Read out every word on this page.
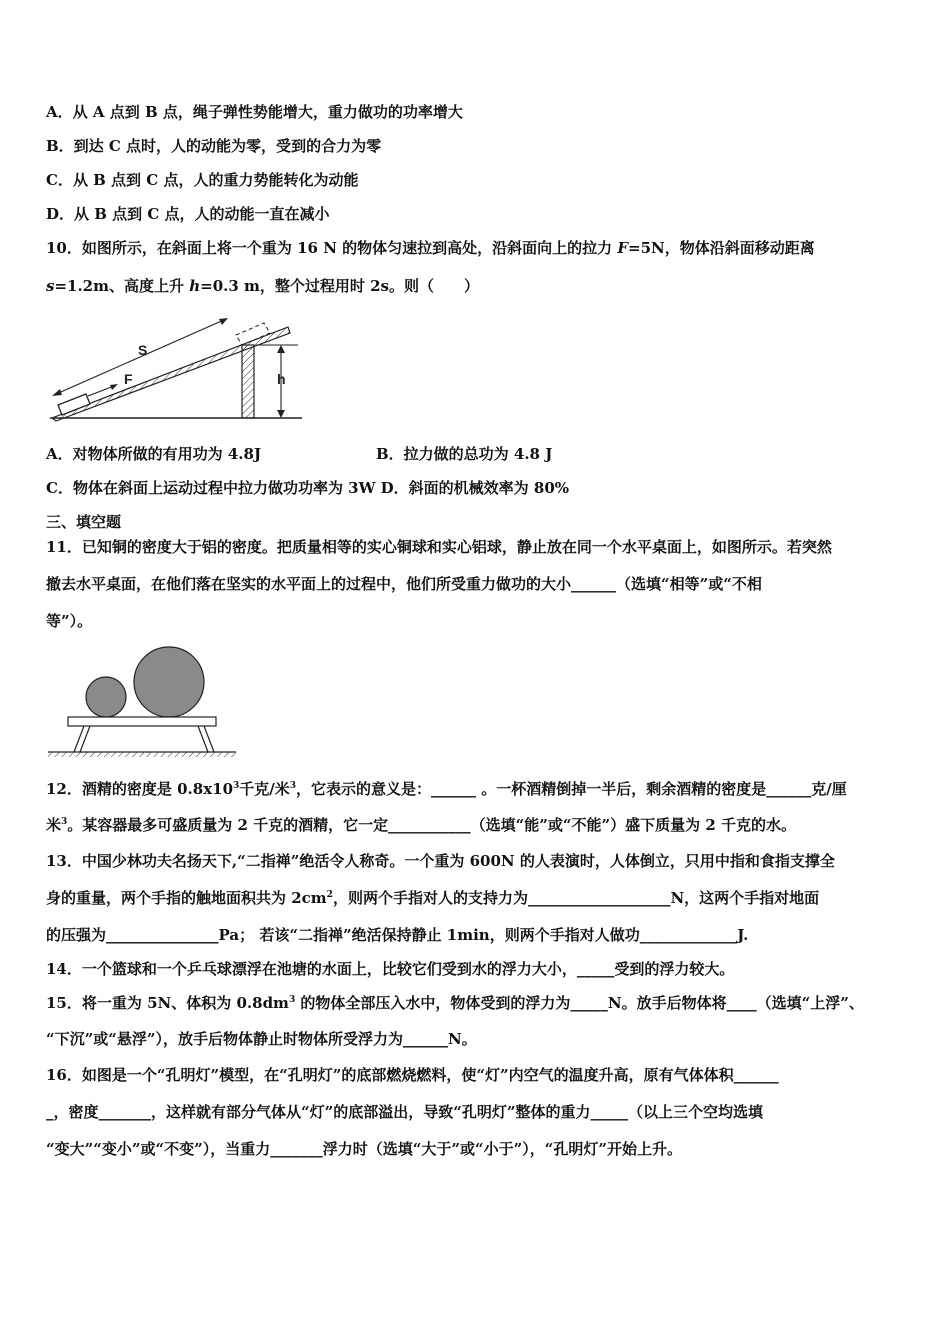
A．从 A 点到 B 点，绳子弹性势能增大，重力做功的功率增大
B．到达 C 点时，人的动能为零，受到的合力为零
C．从 B 点到 C 点，人的重力势能转化为动能
D．从 B 点到 C 点，人的动能一直在减小
10．如图所示，在斜面上将一个重为 16 N 的物体匀速拉到高处，沿斜面向上的拉力 F=5N，物体沿斜面移动距离
s=1.2m、高度上升 h=0.3 m，整个过程用时 2s。则（　　）
F
S
h
A．对物体所做的有用功为 4.8J	B．拉力做的总功为 4.8 J
C．物体在斜面上运动过程中拉力做功功率为 3W D．斜面的机械效率为 80%
三、填空题
11．已知铜的密度大于铝的密度。把质量相等的实心铜球和实心铝球，静止放在同一个水平桌面上，如图所示。若突然
撤去水平桌面，在他们落在坚实的水平面上的过程中，他们所受重力做功的大小______（选填“相等”或“不相
等”）。
12．酒精的密度是 $0.8x10^3$千克/米$^3$，它表示的意义是：______ 。一杯酒精倒掉一半后，剩余酒精的密度是______克/厘
米$^3$。某容器最多可盛质量为 2 千克的酒精，它一定___________（选填“能”或“不能”）盛下质量为 2 千克的水。
13．中国少林功夫名扬天下,“二指禅”绝活令人称奇。一个重为 600N 的人表演时，人体倒立，只用中指和食指支撑全
身的重量，两个手指的触地面积共为 $2cm^2$，则两个手指对人的支持力为___________________N，这两个手指对地面
的压强为_______________Pa； 若该“二指禅”绝活保持静止 1min，则两个手指对人做功_____________J.
14．一个篮球和一个乒乓球漂浮在池塘的水面上，比较它们受到水的浮力大小，_____受到的浮力较大。
15．将一重为 5N、体积为 $0.8dm^3$ 的物体全部压入水中，物体受到的浮力为_____N。放手后物体将____（选填“上浮”、
“下沉”或“悬浮”），放手后物体静止时物体所受浮力为______N。
16．如图是一个“孔明灯”模型，在“孔明灯”的底部燃烧燃料，使“灯”内空气的温度升高，原有气体体积______
_，密度_______，这样就有部分气体从“灯”的底部溢出，导致“孔明灯”整体的重力_____（以上三个空均选填
“变大”“变小”或“不变”），当重力_______浮力时（选填“大于”或“小于”），“孔明灯”开始上升。
